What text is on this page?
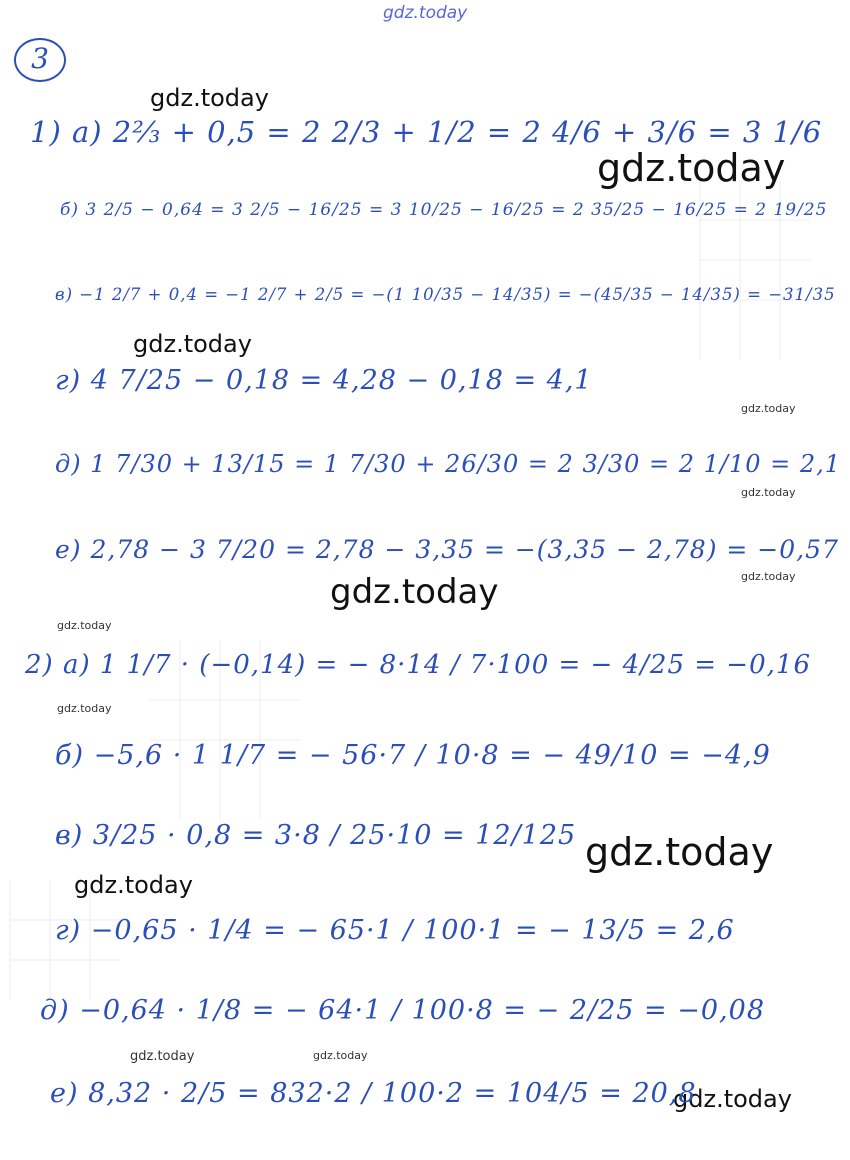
gdz.today
3
gdz.today
gdz.today
gdz.today
gdz.today
gdz.today
gdz.today
gdz.today
gdz.today
gdz.today
gdz.today
gdz.today
gdz.today	gdz.today
gdz.today
1) а) 2⅔ + 0,5 = 2 2/3 + 1/2 = 2 4/6 + 3/6 = 3 1/6
б) 3 2/5 − 0,64 = 3 2/5 − 16/25 = 3 10/25 − 16/25 = 2 35/25 − 16/25 = 2 19/25
в) −1 2/7 + 0,4 = −1 2/7 + 2/5 = −(1 10/35 − 14/35) = −(45/35 − 14/35) = −31/35
г) 4 7/25 − 0,18 = 4,28 − 0,18 = 4,1
д) 1 7/30 + 13/15 = 1 7/30 + 26/30 = 2 3/30 = 2 1/10 = 2,1
е) 2,78 − 3 7/20 = 2,78 − 3,35 = −(3,35 − 2,78) = −0,57
2) а) 1 1/7 · (−0,14) = − 8·14 / 7·100 = − 4/25 = −0,16
б) −5,6 · 1 1/7 = − 56·7 / 10·8 = − 49/10 = −4,9
в) 3/25 · 0,8 = 3·8 / 25·10 = 12/125
г) −0,65 · 1/4 = − 65·1 / 100·1 = − 13/5 = 2,6
д) −0,64 · 1/8 = − 64·1 / 100·8 = − 2/25 = −0,08
е) 8,32 · 2/5 = 832·2 / 100·2 = 104/5 = 20,8
